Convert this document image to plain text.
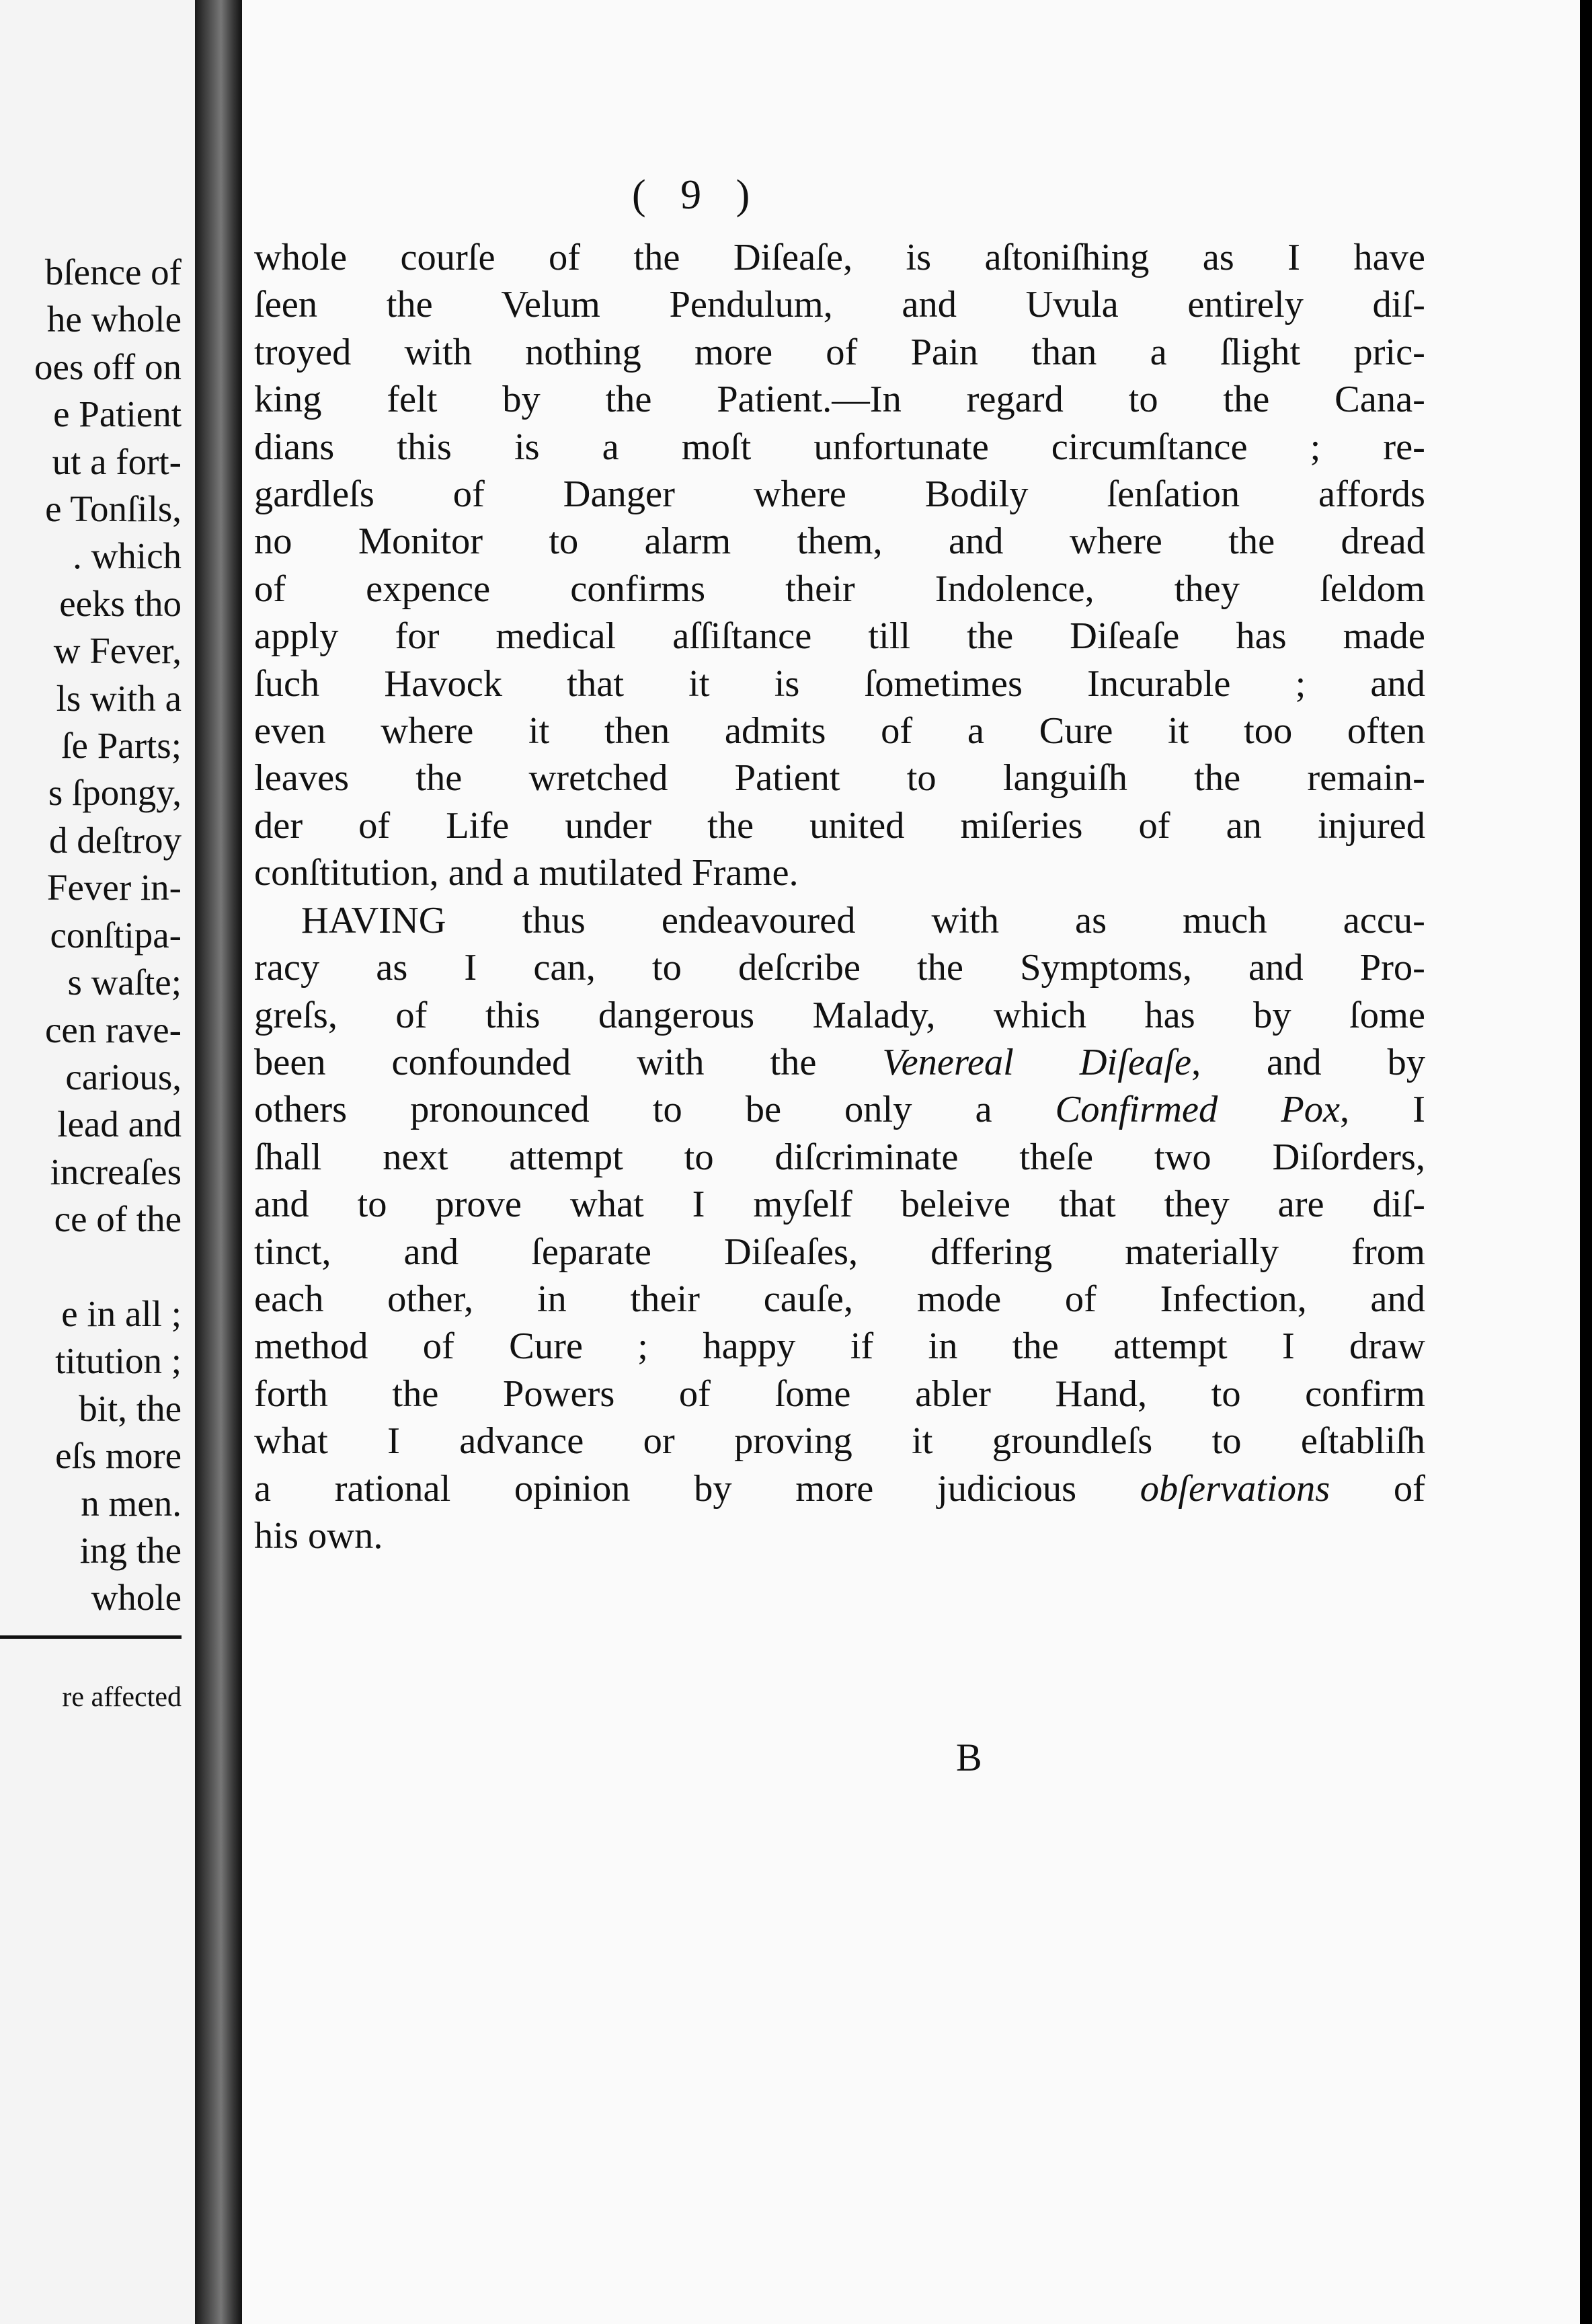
bſence of
he whole
oes off on
e Patient
ut a fort-
e Tonſils,
. which
eeks tho
w Fever,
ls with a
ſe Parts;
s ſpongy,
d deſtroy
Fever in-
conſtipa-
s waſte;
cen rave-
carious,
lead and
increaſes
ce of the

e in all ;
titution ;
bit, the
eſs more
n men.
ing the
whole
re affected
( 9 )
whole courſe of the Diſeaſe, is aſtoniſhing as I have
ſeen the Velum Pendulum, and Uvula entirely diſ-
troyed with nothing more of Pain than a ſlight pric-
king felt by the Patient.—In regard to the Cana-
dians this is a moſt unfortunate circumſtance ; re-
gardleſs of Danger where Bodily ſenſation affords
no Monitor to alarm them, and where the dread
of expence confirms their Indolence, they ſeldom
apply for medical aſſiſtance till the Diſeaſe has made
ſuch Havock that it is ſometimes Incurable ; and
even where it then admits of a Cure it too often
leaves the wretched Patient to languiſh the remain-
der of Life under the united miſeries of an injured
conſtitution, and a mutilated Frame.
HAVING thus endeavoured with as much accu-
racy as I can, to deſcribe the Symptoms, and Pro-
greſs, of this dangerous Malady, which has by ſome
been confounded with the Venereal Diſeaſe, and by
others pronounced to be only a Confirmed Pox, I
ſhall next attempt to diſcriminate theſe two Diſorders,
and to prove what I myſelf beleive that they are diſ-
tinct, and ſeparate Diſeaſes, dffering materially from
each other, in their cauſe, mode of Infection, and
method of Cure ; happy if in the attempt I draw
forth the Powers of ſome abler Hand, to confirm
what I advance or proving it groundleſs to eſtabliſh
a rational opinion by more judicious obſervations of
his own.
B
